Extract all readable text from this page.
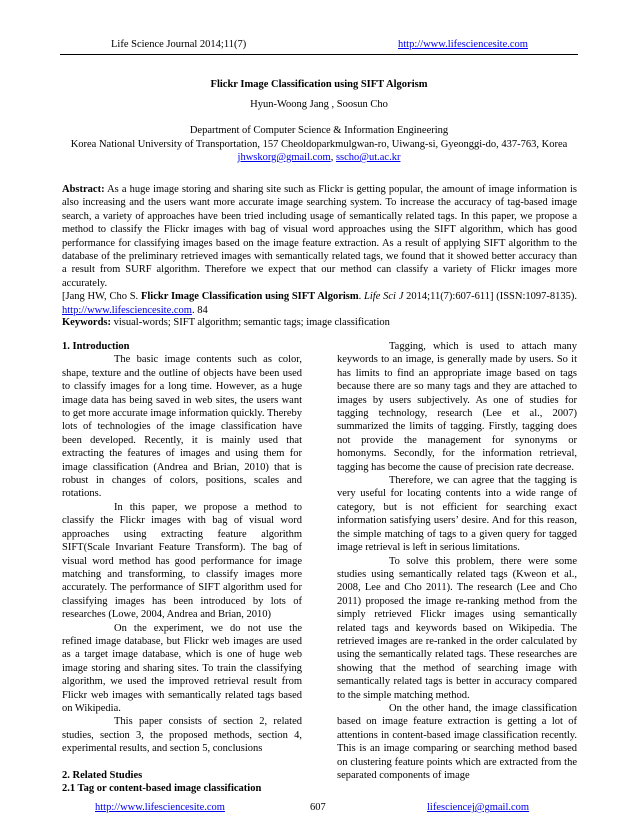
Life Science Journal 2014;11(7)	http://www.lifesciencesite.com
Flickr Image Classification using SIFT Algorism
Hyun-Woong Jang , Soosun Cho
Department of Computer Science & Information Engineering
Korea National University of Transportation, 157 Cheoldoparkmulgwan-ro, Uiwang-si, Gyeonggi-do, 437-763, Korea
jhwskorg@gmail.com, sscho@ut.ac.kr

Abstract: As a huge image storing and sharing site such as Flickr is getting popular, the amount of image information is also increasing and the users want more accurate image searching system. To increase the accuracy of tag-based image search, a variety of approaches have been tried including usage of semantically related tags. In this paper, we propose a method to classify the Flickr images with bag of visual word approaches using the SIFT algorithm, which has good performance for classifying images based on the image feature extraction. As a result of applying SIFT algorithm to the database of the preliminary retrieved images with semantically related tags, we found that it showed better accuracy than a result from SURF algorithm. Therefore we expect that our method can classify a variety of Flickr images more accurately.

[Jang HW, Cho S. Flickr Image Classification using SIFT Algorism. Life Sci J 2014;11(7):607-611] (ISSN:1097-8135). http://www.lifesciencesite.com. 84

Keywords: visual-words; SIFT algorithm; semantic tags; image classification

1. Introduction

The basic image contents such as color, shape, texture and the outline of objects have been used to classify images for a long time. However, as a huge image data has being saved in web sites, the users want to get more accurate image information quickly. Thereby lots of technologies of the image classification have been developed. Recently, it is mainly used that extracting the features of images and using them for image classification (Andrea and Brian, 2010) that is robust in changes of colors, positions, scales and rotations.

In this paper, we propose a method to classify the Flickr images with bag of visual word approaches using extracting feature algorithm SIFT(Scale Invariant Feature Transform). The bag of visual word method has good performance for image matching and transforming, to classify images more accurately. The performance of SIFT algorithm used for classifying images has been introduced by lots of researches (Lowe, 2004, Andrea and Brian, 2010)

On the experiment, we do not use the refined image database, but Flickr web images are used as a target image database, which is one of huge web image storing and sharing sites. To train the classifying algorithm, we used the improved retrieval result from Flickr web images with semantically related tags based on Wikipedia.

This paper consists of section 2, related studies, section 3, the proposed methods, section 4, experimental results, and section 5, conclusions

2. Related Studies

2.1 Tag or content-based image classification

Tagging, which is used to attach many keywords to an image, is generally made by users. So it has limits to find an appropriate image based on tags because there are so many tags and they are attached to images by users subjectively. As one of studies for tagging technology, research (Lee et al., 2007) summarized the limits of tagging. Firstly, tagging does not provide the management for synonyms or homonyms. Secondly, for the information retrieval, tagging has become the cause of precision rate decrease.

Therefore, we can agree that the tagging is very useful for locating contents into a wide range of category, but is not efficient for searching exact information satisfying users’ desire. And for this reason, the simple matching of tags to a given query for tagged image retrieval is left in serious limitations.

To solve this problem, there were some studies using semantically related tags (Kweon et al., 2008, Lee and Cho 2011). The research (Lee and Cho 2011) proposed the image re-ranking method from the simply retrieved Flickr images using semantically related tags and keywords based on Wikipedia. The retrieved images are re-ranked in the order calculated by using the semantically related tags. These researches are showing that the method of searching image with semantically related tags is better in accuracy compared to the simple matching method.

On the other hand, the image classification based on image feature extraction is getting a lot of attentions in content-based image classification recently. This is an image comparing or searching method based on clustering feature points which are extracted from the separated components of image

http://www.lifesciencesite.com	607	lifesciencej@gmail.com
